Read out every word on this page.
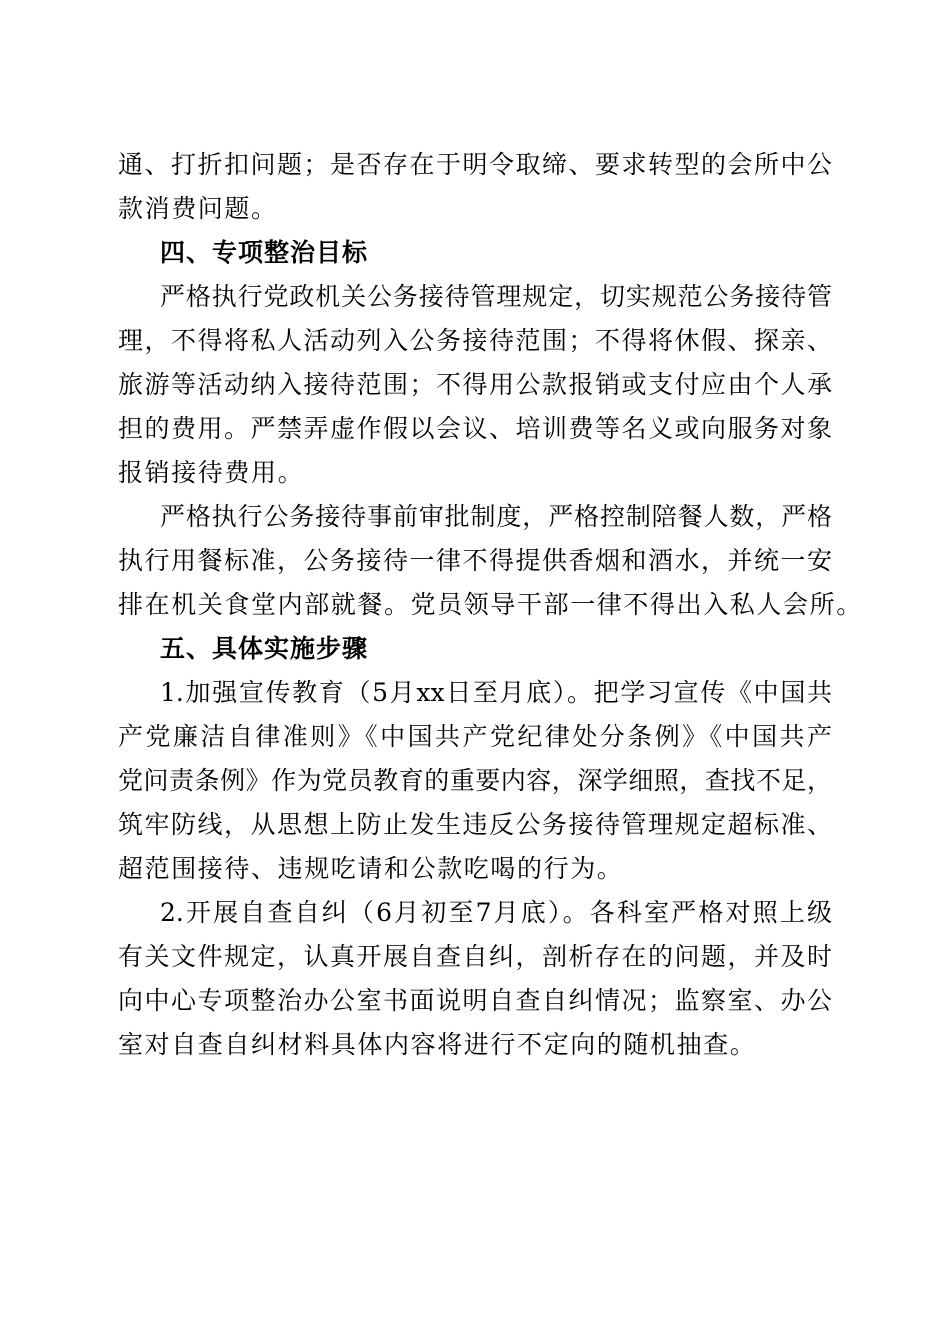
通、打折扣问题；是否存在于明令取缔、要求转型的会所中公
款消费问题。
四、专项整治目标
严格执行党政机关公务接待管理规定，切实规范公务接待管
理，不得将私人活动列入公务接待范围；不得将休假、探亲、
旅游等活动纳入接待范围；不得用公款报销或支付应由个人承
担的费用。严禁弄虚作假以会议、培训费等名义或向服务对象
报销接待费用。
严格执行公务接待事前审批制度，严格控制陪餐人数，严格
执行用餐标准，公务接待一律不得提供香烟和酒水，并统一安
排在机关食堂内部就餐。党员领导干部一律不得出入私人会所。
五、具体实施步骤
1.加强宣传教育（5月xx日至月底）。把学习宣传《中国共
产党廉洁自律准则》《中国共产党纪律处分条例》《中国共产
党问责条例》作为党员教育的重要内容，深学细照，查找不足，
筑牢防线，从思想上防止发生违反公务接待管理规定超标准、
超范围接待、违规吃请和公款吃喝的行为。
2.开展自查自纠（6月初至7月底）。各科室严格对照上级
有关文件规定，认真开展自查自纠，剖析存在的问题，并及时
向中心专项整治办公室书面说明自查自纠情况；监察室、办公
室对自查自纠材料具体内容将进行不定向的随机抽查。
